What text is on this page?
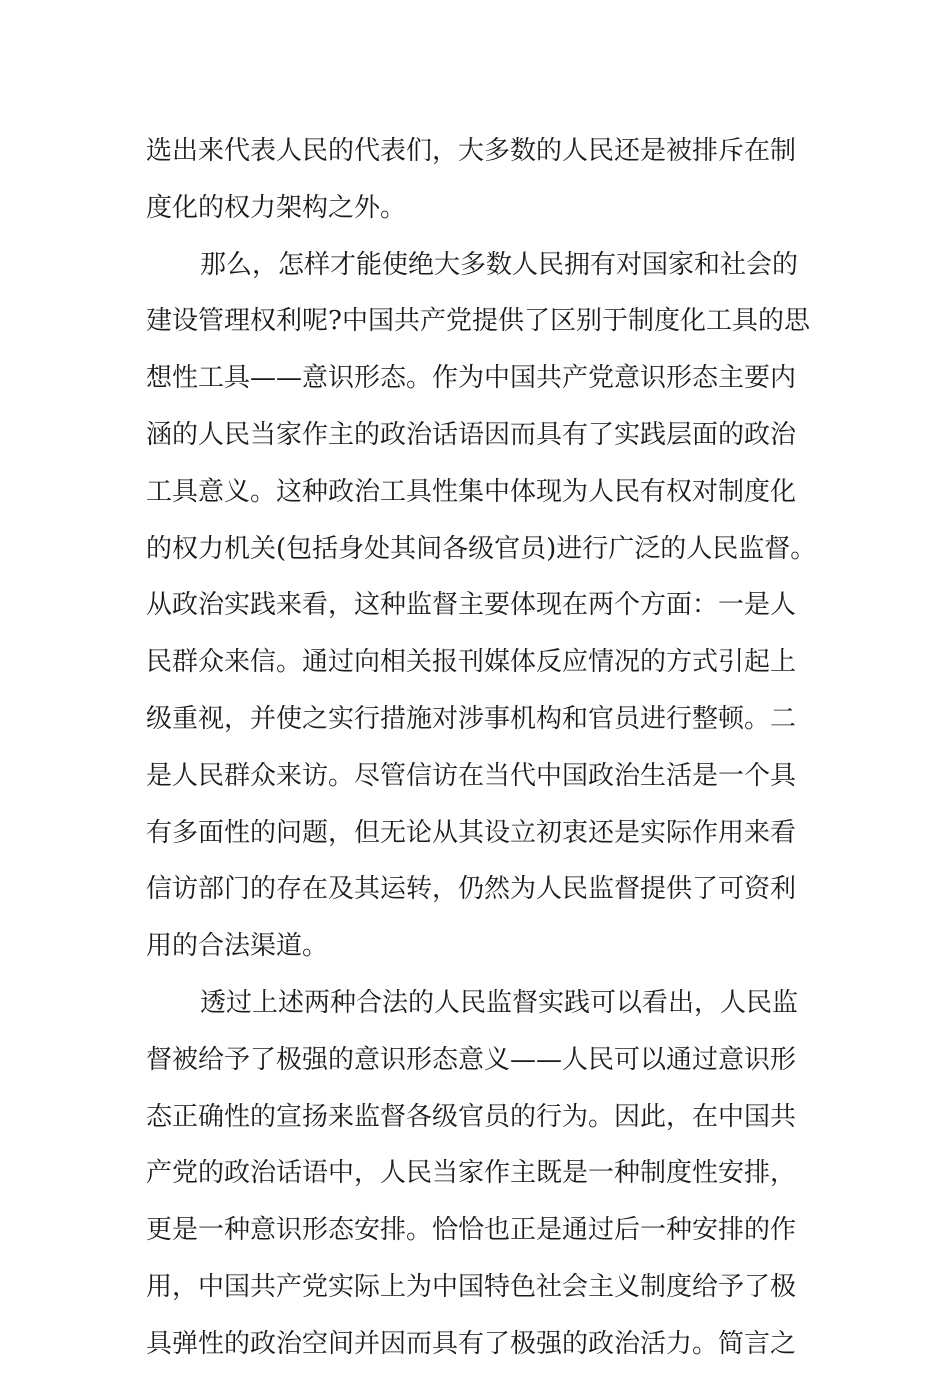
选出来代表人民的代表们，大多数的人民还是被排斥在制
度化的权力架构之外。
那么，怎样才能使绝大多数人民拥有对国家和社会的
建设管理权利呢?中国共产党提供了区别于制度化工具的思
想性工具——意识形态。作为中国共产党意识形态主要内
涵的人民当家作主的政治话语因而具有了实践层面的政治
工具意义。这种政治工具性集中体现为人民有权对制度化
的权力机关(包括身处其间各级官员)进行广泛的人民监督。
从政治实践来看，这种监督主要体现在两个方面：一是人
民群众来信。通过向相关报刊媒体反应情况的方式引起上
级重视，并使之实行措施对涉事机构和官员进行整顿。二
是人民群众来访。尽管信访在当代中国政治生活是一个具
有多面性的问题，但无论从其设立初衷还是实际作用来看
信访部门的存在及其运转，仍然为人民监督提供了可资利
用的合法渠道。
透过上述两种合法的人民监督实践可以看出，人民监
督被给予了极强的意识形态意义——人民可以通过意识形
态正确性的宣扬来监督各级官员的行为。因此，在中国共
产党的政治话语中，人民当家作主既是一种制度性安排，
更是一种意识形态安排。恰恰也正是通过后一种安排的作
用，中国共产党实际上为中国特色社会主义制度给予了极
具弹性的政治空间并因而具有了极强的政治活力。简言之
